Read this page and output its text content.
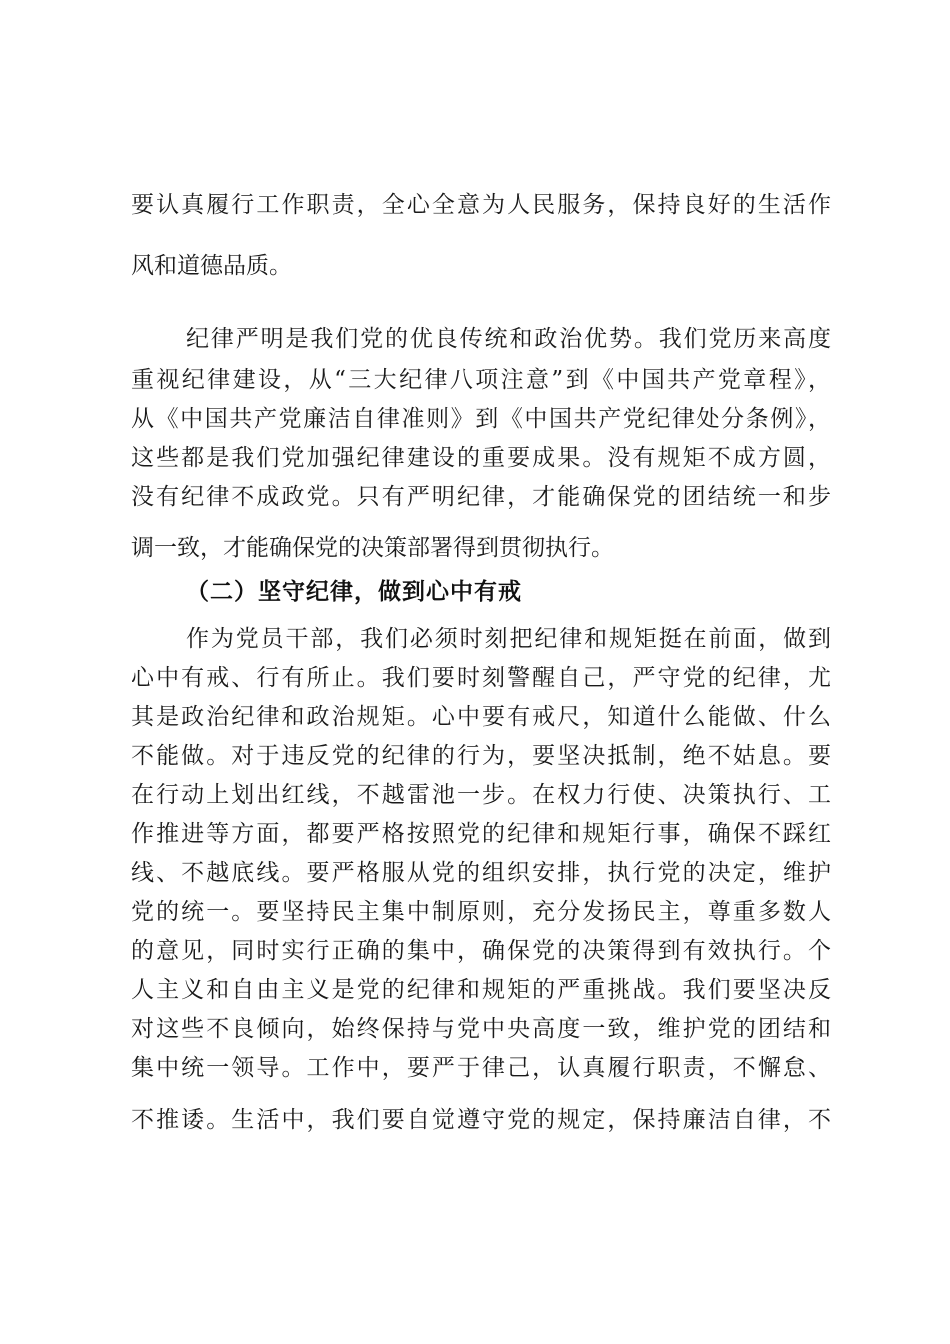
要认真履行工作职责，全心全意为人民服务，保持良好的生活作
风和道德品质。
纪律严明是我们党的优良传统和政治优势。我们党历来高度
重视纪律建设，从“三大纪律八项注意”到《中国共产党章程》，
从《中国共产党廉洁自律准则》到《中国共产党纪律处分条例》，
这些都是我们党加强纪律建设的重要成果。没有规矩不成方圆，
没有纪律不成政党。只有严明纪律，才能确保党的团结统一和步
调一致，才能确保党的决策部署得到贯彻执行。
（二）坚守纪律，做到心中有戒
作为党员干部，我们必须时刻把纪律和规矩挺在前面，做到
心中有戒、行有所止。我们要时刻警醒自己，严守党的纪律，尤
其是政治纪律和政治规矩。心中要有戒尺，知道什么能做、什么
不能做。对于违反党的纪律的行为，要坚决抵制，绝不姑息。要
在行动上划出红线，不越雷池一步。在权力行使、决策执行、工
作推进等方面，都要严格按照党的纪律和规矩行事，确保不踩红
线、不越底线。要严格服从党的组织安排，执行党的决定，维护
党的统一。要坚持民主集中制原则，充分发扬民主，尊重多数人
的意见，同时实行正确的集中，确保党的决策得到有效执行。个
人主义和自由主义是党的纪律和规矩的严重挑战。我们要坚决反
对这些不良倾向，始终保持与党中央高度一致，维护党的团结和
集中统一领导。工作中，要严于律己，认真履行职责，不懈怠、
不推诿。生活中，我们要自觉遵守党的规定，保持廉洁自律，不
